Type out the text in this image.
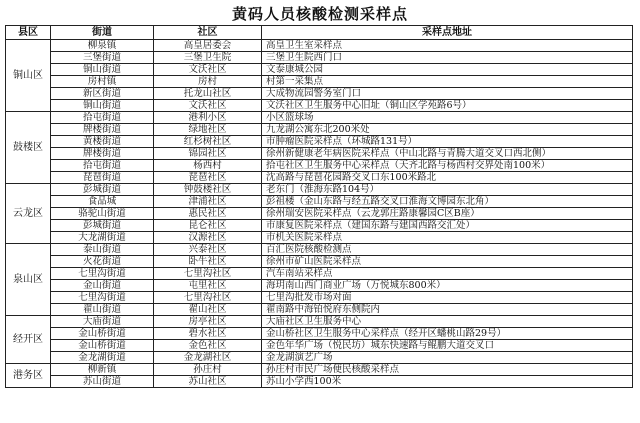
黄码人员核酸检测采样点
县区	街道	社区	采样点地址
铜山区	柳泉镇	高皇居委会	高皇卫生室采样点
	三堡街道	三堡卫生院	三堡卫生院西门口
	铜山街道	文沃社区	文泰康城公园
	房村镇	房村	村第一采集点
	新区街道	托龙山社区	大成物流园警务室门口
	铜山街道	文沃社区	文沃社区卫生服务中心旧址（铜山区学苑路6号）
鼓楼区	拾屯街道	港利小区	小区篮球场
	牌楼街道	绿地社区	九龙湖公寓东北200米处
	黄楼街道	红杉树社区	市肿瘤医院采样点（环城路131号）
	牌楼街道	锦园社区	徐州新健康老年病医院采样点（中山北路与青腾大道交叉口西北侧）
	拾屯街道	杨西村	拾屯社区卫生服务中心采样点（天齐北路与杨西村交界处南100米）
	琵琶街道	琵琶社区	沈高路与琵琶花园路交叉口东100米路北
云龙区	彭城街道	钟鼓楼社区	老东门（淮海东路104号）
	食品城	津浦社区	彭祖楼（金山东路与经五路交叉口淮海文博园东北角）
	骆驼山街道	惠民社区	徐州瑞安医院采样点（云龙郭庄路康馨园C区B座）
	彭城街道	昆仑社区	市康复医院采样点（建国东路与建国西路交汇处）
	大龙湖街道	汉源社区	市机关医院采样点
泉山区	泰山街道	兴泰社区	百汇医院核酸检测点
	火花街道	卧牛社区	徐州市矿山医院采样点
	七里沟街道	七里沟社区	汽车南站采样点
	金山街道	屯里社区	海玥南山西门商业广场（万悦城东800米）
	七里沟街道	七里沟社区	七里沟批发市场对面
	翟山街道	翟山社区	翟南路中海铂悦府东侧院内
经开区	大庙街道	房亭社区	大庙社区卫生服务中心
	金山桥街道	碧水社区	金山桥社区卫生服务中心采样点（经开区蟠桃山路29号）
	金山桥街道	金色社区	金色年华广场（悦民坊）城东快速路与鲲鹏大道交叉口
	金龙湖街道	金龙湖社区	金龙湖演艺广场
港务区	柳新镇	孙庄村	孙庄村市民广场便民核酸采样点
	苏山街道	苏山社区	苏山小学西100米
